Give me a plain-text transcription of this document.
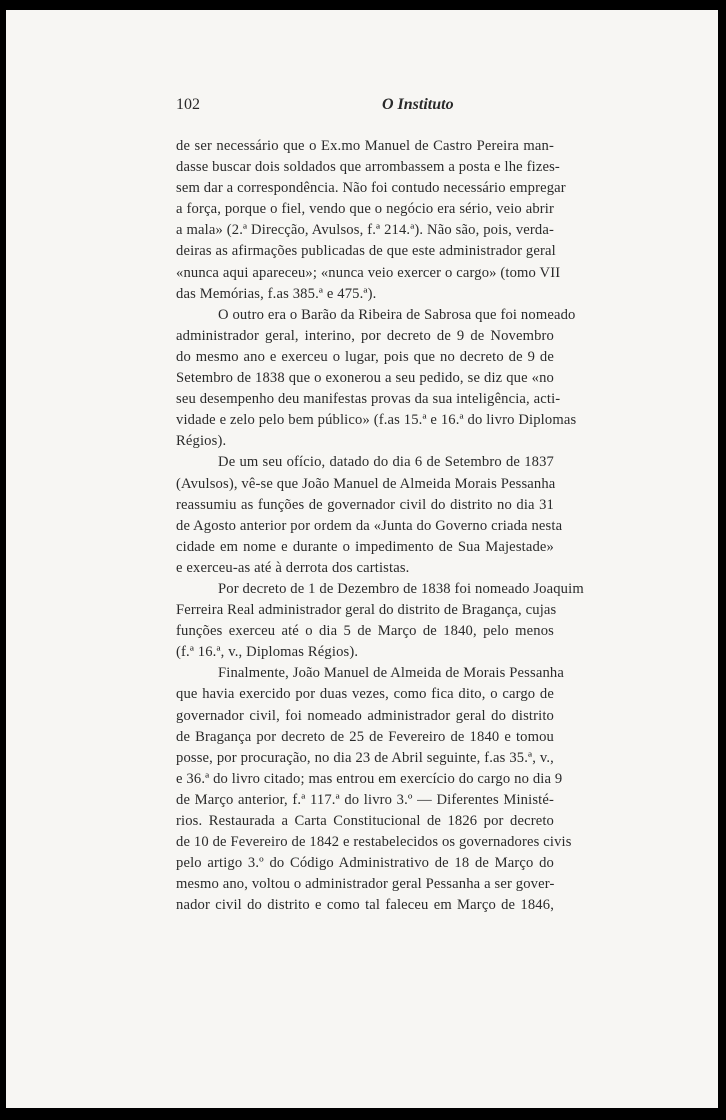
102	O Instituto
de ser necessário que o Ex.mo Manuel de Castro Pereira man-
dasse buscar dois soldados que arrombassem a posta e lhe fizes-
sem dar a correspondência. Não foi contudo necessário empregar
a força, porque o fiel, vendo que o negócio era sério, veio abrir
a mala» (2.ª Direcção, Avulsos, f.ª 214.ª). Não são, pois, verda-
deiras as afirmações publicadas de que este administrador geral
«nunca aqui apareceu»; «nunca veio exercer o cargo» (tomo VII
das Memórias, f.as 385.ª e 475.ª).
O outro era o Barão da Ribeira de Sabrosa que foi nomeado
administrador geral, interino, por decreto de 9 de Novembro
do mesmo ano e exerceu o lugar, pois que no decreto de 9 de
Setembro de 1838 que o exonerou a seu pedido, se diz que «no
seu desempenho deu manifestas provas da sua inteligência, acti-
vidade e zelo pelo bem público» (f.as 15.ª e 16.ª do livro Diplomas
Régios).
De um seu ofício, datado do dia 6 de Setembro de 1837
(Avulsos), vê-se que João Manuel de Almeida Morais Pessanha
reassumiu as funções de governador civil do distrito no dia 31
de Agosto anterior por ordem da «Junta do Governo criada nesta
cidade em nome e durante o impedimento de Sua Majestade»
e exerceu-as até à derrota dos cartistas.
Por decreto de 1 de Dezembro de 1838 foi nomeado Joaquim
Ferreira Real administrador geral do distrito de Bragança, cujas
funções exerceu até o dia 5 de Março de 1840, pelo menos
(f.ª 16.ª, v., Diplomas Régios).
Finalmente, João Manuel de Almeida de Morais Pessanha
que havia exercido por duas vezes, como fica dito, o cargo de
governador civil, foi nomeado administrador geral do distrito
de Bragança por decreto de 25 de Fevereiro de 1840 e tomou
posse, por procuração, no dia 23 de Abril seguinte, f.as 35.ª, v.,
e 36.ª do livro citado; mas entrou em exercício do cargo no dia 9
de Março anterior, f.ª 117.ª do livro 3.º — Diferentes Ministé-
rios. Restaurada a Carta Constitucional de 1826 por decreto
de 10 de Fevereiro de 1842 e restabelecidos os governadores civis
pelo artigo 3.º do Código Administrativo de 18 de Março do
mesmo ano, voltou o administrador geral Pessanha a ser gover-
nador civil do distrito e como tal faleceu em Março de 1846,
